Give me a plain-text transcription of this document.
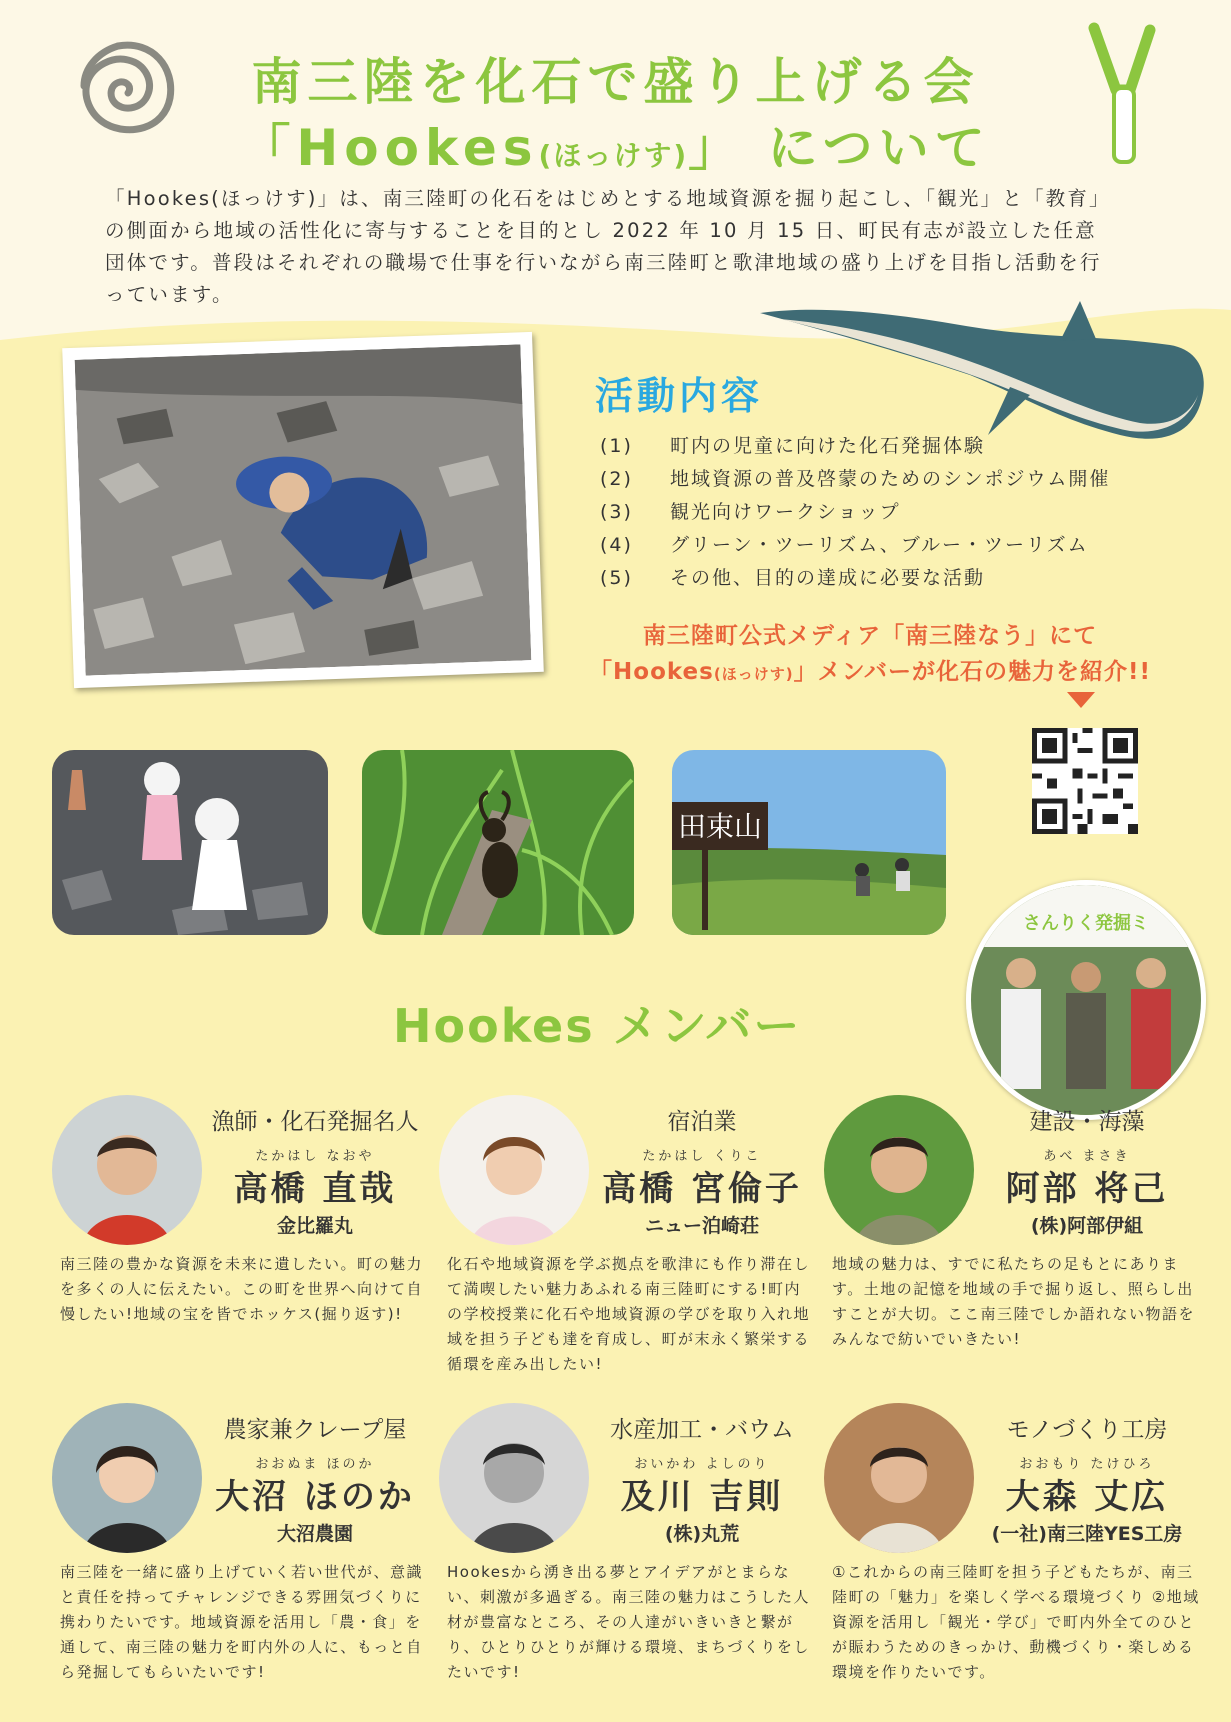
南三陸を化石で盛り上げる会
「Hookes(ほっけす)」 について
「Hookes(ほっけす)」は、南三陸町の化石をはじめとする地域資源を掘り起こし、「観光」と「教育」の側面から地域の活性化に寄与することを目的とし 2022 年 10 月 15 日、町民有志が設立した任意団体です。普段はそれぞれの職場で仕事を行いながら南三陸町と歌津地域の盛り上げを目指し活動を行っています。
活動内容
(1) 町内の児童に向けた化石発掘体験
(2) 地域資源の普及啓蒙のためのシンポジウム開催
(3) 観光向けワークショップ
(4) グリーン・ツーリズム、ブルー・ツーリズム
(5) その他、目的の達成に必要な活動
南三陸町公式メディア「南三陸なう」にて
「Hookes(ほっけす)」メンバーが化石の魅力を紹介!!
田束山
さんりく発掘ミ
Hookes メンバー
漁師・化石発掘名人
たかはし なおや
高橋 直哉
金比羅丸
南三陸の豊かな資源を未来に遺したい。町の魅力を多くの人に伝えたい。この町を世界へ向けて自慢したい!地域の宝を皆でホッケス(掘り返す)!
宿泊業
たかはし くりこ
高橋 宮倫子
ニュー泊崎荘
化石や地域資源を学ぶ拠点を歌津にも作り滞在して満喫したい魅力あふれる南三陸町にする!町内の学校授業に化石や地域資源の学びを取り入れ地域を担う子ども達を育成し、町が末永く繁栄する循環を産み出したい!
建設・海藻
あべ まさき
阿部 将己
(株)阿部伊組
地域の魅力は、すでに私たちの足もとにあります。土地の記憶を地域の手で掘り返し、照らし出すことが大切。ここ南三陸でしか語れない物語をみんなで紡いでいきたい!
農家兼クレープ屋
おおぬま ほのか
大沼 ほのか
大沼農園
南三陸を一緒に盛り上げていく若い世代が、意識と責任を持ってチャレンジできる雰囲気づくりに携わりたいです。地域資源を活用し「農・食」を通して、南三陸の魅力を町内外の人に、もっと自ら発掘してもらいたいです!
水産加工・バウム
おいかわ よしのり
及川 吉則
(株)丸荒
Hookesから湧き出る夢とアイデアがとまらない、刺激が多過ぎる。南三陸の魅力はこうした人材が豊富なところ、その人達がいきいきと繋がり、ひとりひとりが輝ける環境、まちづくりをしたいです!
モノづくり工房
おおもり たけひろ
大森 丈広
(一社)南三陸YES工房
①これからの南三陸町を担う子どもたちが、南三陸町の「魅力」を楽しく学べる環境づくり ②地域資源を活用し「観光・学び」で町内外全てのひとが賑わうためのきっかけ、動機づくり・楽しめる環境を作りたいです。
